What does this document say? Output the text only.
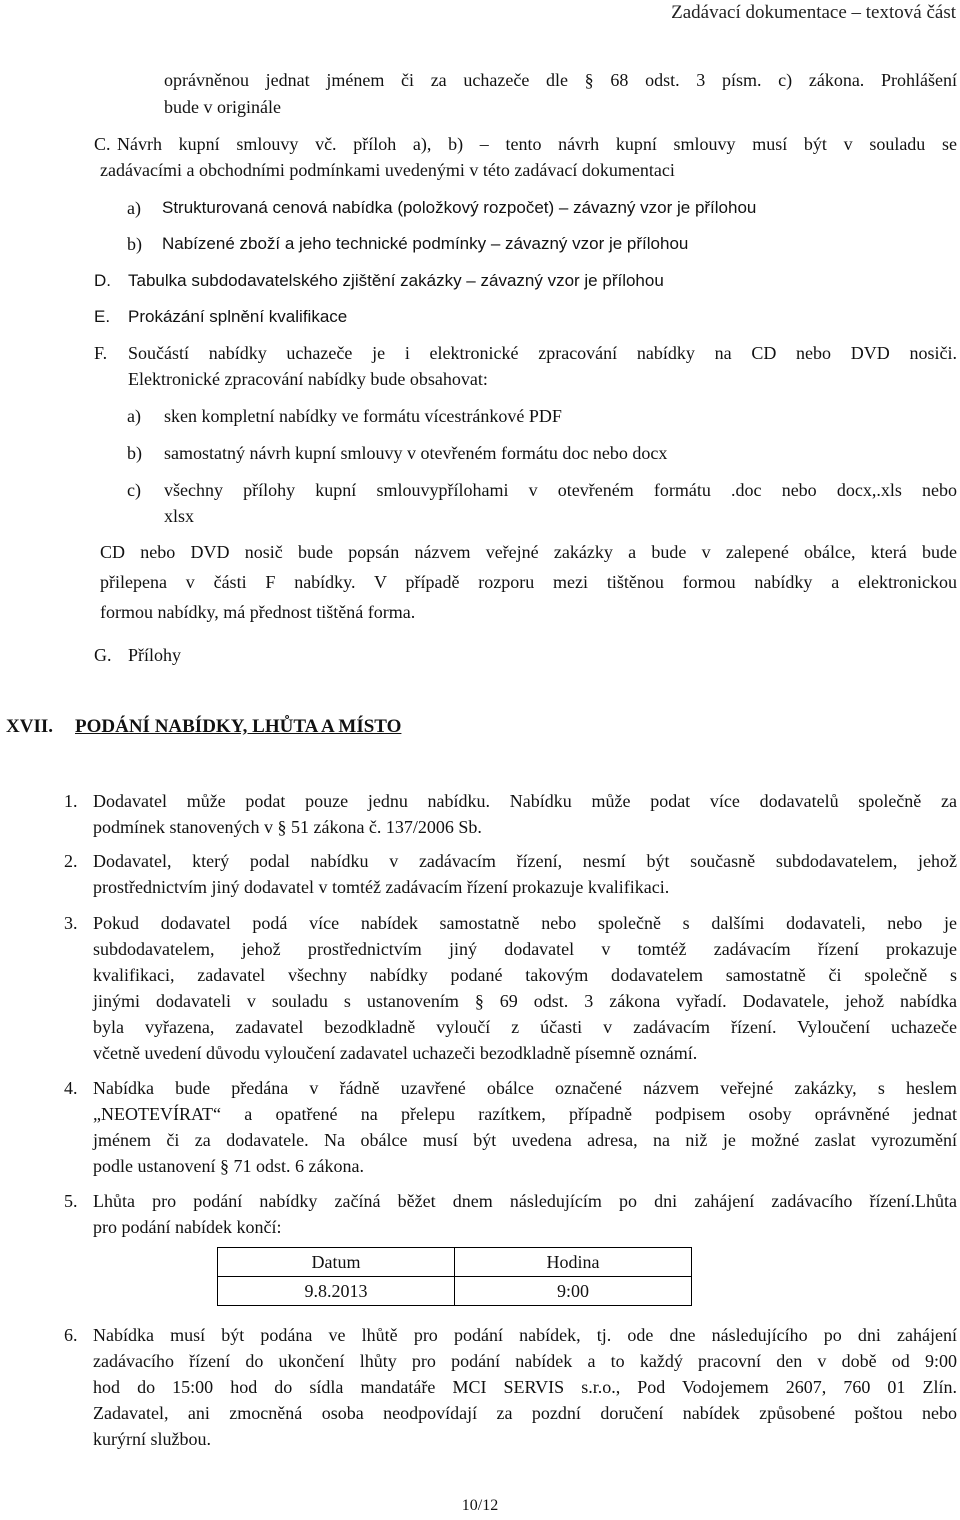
Zadávací dokumentace – textová část
oprávněnou jednat jménem či za uchazeče dle § 68 odst. 3 písm. c) zákona. Prohlášení
bude v originále
C. Návrh kupní smlouvy vč. příloh a), b) – tento návrh kupní smlouvy musí být v souladu se
zadávacími a obchodními podmínkami uvedenými v této zadávací dokumentaci
a) Strukturovaná cenová nabídka (položkový rozpočet) – závazný vzor je přílohou
b) Nabízené zboží a jeho technické podmínky – závazný vzor je přílohou
D. Tabulka subdodavatelského zjištění zakázky – závazný vzor je přílohou
E. Prokázání splnění kvalifikace
F. Součástí nabídky uchazeče je i elektronické zpracování nabídky na CD nebo DVD nosiči.
Elektronické zpracování nabídky bude obsahovat:
a) sken kompletní nabídky ve formátu vícestránkové PDF
b) samostatný návrh kupní smlouvy v otevřeném formátu doc nebo docx
c) všechny přílohy kupní smlouvypřílohami v otevřeném formátu .doc nebo docx,.xls nebo
xlsx
CD nebo DVD nosič bude popsán názvem veřejné zakázky a bude v zalepené obálce, která bude
přilepena v části F nabídky. V případě rozporu mezi tištěnou formou nabídky a elektronickou
formou nabídky, má přednost tištěná forma.
G. Přílohy
XVII. PODÁNÍ NABÍDKY, LHŮTA A MÍSTO
1. Dodavatel může podat pouze jednu nabídku. Nabídku může podat více dodavatelů společně za
podmínek stanovených v § 51 zákona č. 137/2006 Sb.
2. Dodavatel, který podal nabídku v zadávacím řízení, nesmí být současně subdodavatelem, jehož
prostřednictvím jiný dodavatel v tomtéž zadávacím řízení prokazuje kvalifikaci.
3. Pokud dodavatel podá více nabídek samostatně nebo společně s dalšími dodavateli, nebo je
subdodavatelem, jehož prostřednictvím jiný dodavatel v tomtéž zadávacím řízení prokazuje
kvalifikaci, zadavatel všechny nabídky podané takovým dodavatelem samostatně či společně s
jinými dodavateli v souladu s ustanovením § 69 odst. 3 zákona vyřadí. Dodavatele, jehož nabídka
byla vyřazena, zadavatel bezodkladně vyloučí z účasti v zadávacím řízení. Vyloučení uchazeče
včetně uvedení důvodu vyloučení zadavatel uchazeči bezodkladně písemně oznámí.
4. Nabídka bude předána v řádně uzavřené obálce označené názvem veřejné zakázky, s heslem
„NEOTEVÍRAT“ a opatřené na přelepu razítkem, případně podpisem osoby oprávněné jednat
jménem či za dodavatele. Na obálce musí být uvedena adresa, na niž je možné zaslat vyrozumění
podle ustanovení § 71 odst. 6 zákona.
5. Lhůta pro podání nabídky začíná běžet dnem následujícím po dni zahájení zadávacího řízení.Lhůta
pro podání nabídek končí:
Datum	Hodina
9.8.2013	9:00
6. Nabídka musí být podána ve lhůtě pro podání nabídek, tj. ode dne následujícího po dni zahájení
zadávacího řízení do ukončení lhůty pro podání nabídek a to každý pracovní den v době od 9:00
hod do 15:00 hod do sídla mandatáře MCI SERVIS s.r.o., Pod Vodojemem 2607, 760 01 Zlín.
Zadavatel, ani zmocněná osoba neodpovídají za pozdní doručení nabídek způsobené poštou nebo
kurýrní službou.
10/12
